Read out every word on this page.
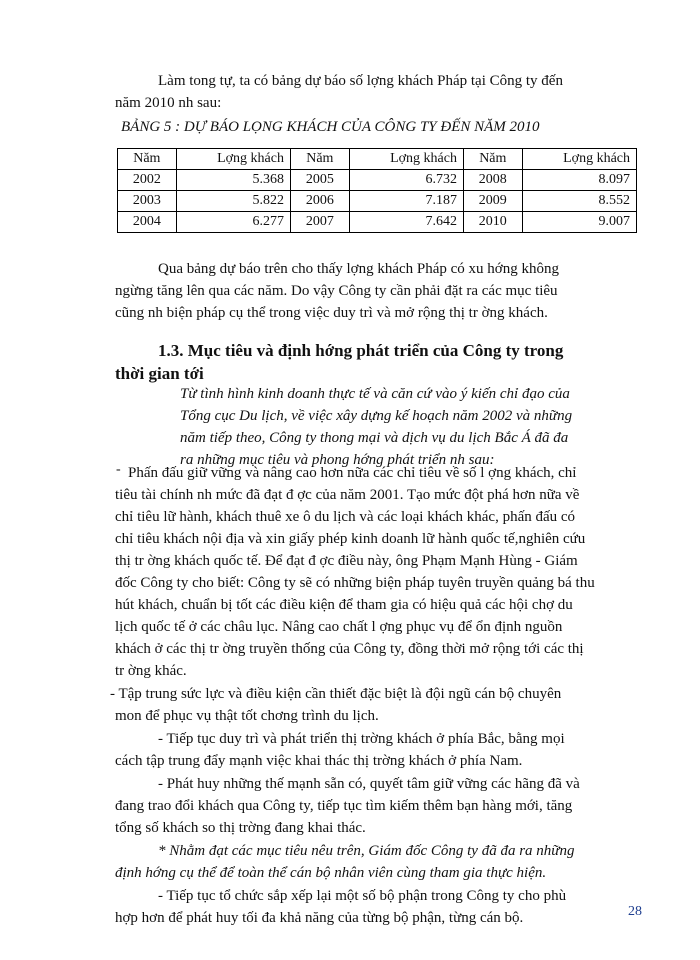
Làm tong tự, ta có bảng dự báo số lợng khách Pháp tại Công ty đến

năm 2010 nh sau:

BẢNG 5 : DỰ BÁO LỌNG KHÁCH CỦA CÔNG TY ĐẾN NĂM 2010

Năm	Lợng khách	Năm	Lợng khách	Năm	Lợng khách
2002	5.368	2005	6.732	2008	8.097
2003	5.822	2006	7.187	2009	8.552
2004	6.277	2007	7.642	2010	9.007

Qua bảng dự báo trên cho thấy lợng khách Pháp có xu hớng không

ngừng tăng lên qua các năm. Do vậy Công ty cần phải đặt ra các mục tiêu

cũng nh biện pháp cụ thể trong việc duy trì và mở rộng thị tr ờng khách.

1.3. Mục tiêu và định hớng phát triển của Công ty trong

thời gian tới

Từ tình hình kinh doanh thực tế và căn cứ vào ý kiến chỉ đạo của

Tổng cục Du lịch, về việc xây dựng kế hoạch năm 2002 và những

năm tiếp theo, Công ty thong mại và dịch vụ du lịch Bắc Á đã đa

ra những mục tiêu và phong hớng phát triển nh sau:

- Phấn đấu giữ vững và nâng cao hơn nữa các chỉ tiêu về số l ợng khách, chỉ

tiêu tài chính nh mức đã đạt đ ợc của năm 2001. Tạo mức đột phá hơn nữa về

chỉ tiêu lữ hành, khách thuê xe ô du lịch và các loại khách khác, phấn đấu có

chỉ tiêu khách nội địa và xin giấy phép kinh doanh lữ hành quốc tế,nghiên cứu

thị tr ờng khách quốc tế. Để đạt đ ợc điều này, ông Phạm Mạnh Hùng - Giám

đốc Công ty cho biết: Công ty sẽ có những biện pháp tuyên truyền quảng bá thu

hút khách, chuẩn bị tốt các điều kiện để tham gia có hiệu quả các hội chợ du

lịch quốc tế ở các châu lục. Nâng cao chất l ợng phục vụ để ổn định nguồn

khách ở các thị tr ờng truyền thống của Công ty, đồng thời mở rộng tới các thị

tr ờng khác.

- Tập trung sức lực và điều kiện cần thiết đặc biệt là đội ngũ cán bộ chuyên

mon để phục vụ thật tốt chơng trình du lịch.

- Tiếp tục duy trì và phát triển thị trờng khách ở phía Bắc, bằng mọi

cách tập trung đẩy mạnh việc khai thác thị trờng khách ở phía Nam.

- Phát huy những thế mạnh sẵn có, quyết tâm giữ vững các hãng đã và

đang trao đổi khách qua Công ty, tiếp tục tìm kiếm thêm bạn hàng mới, tăng

tổng số khách so thị trờng đang khai thác.

* Nhằm đạt các mục tiêu nêu trên, Giám đốc Công ty đã đa ra những

định hớng cụ thể để toàn thể cán bộ nhân viên cùng tham gia thực hiện.

- Tiếp tục tổ chức sắp xếp lại một số bộ phận trong Công ty cho phù

hợp hơn để phát huy tối đa khả năng của từng bộ phận, từng cán bộ.	28
